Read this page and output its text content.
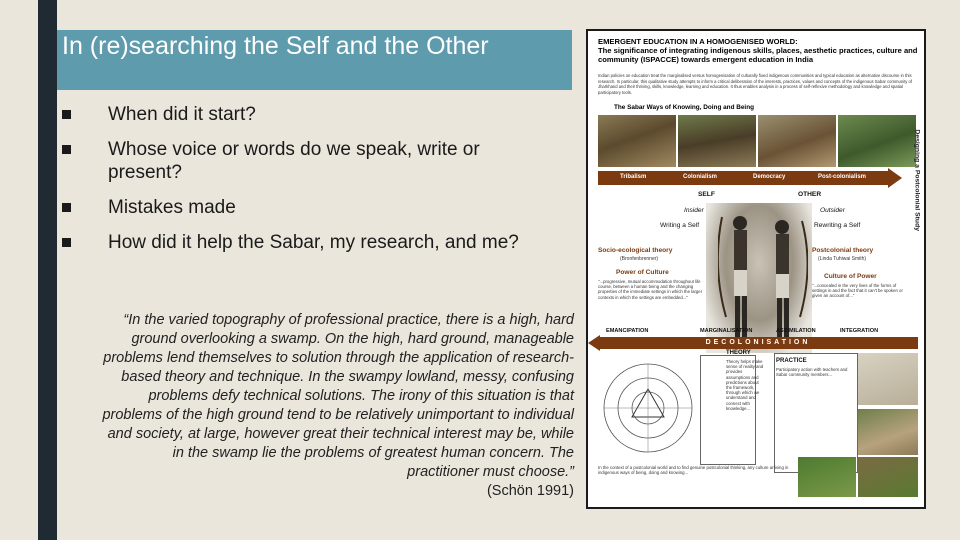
In (re)searching the Self and the Other
When did it start?
Whose voice or words do we speak, write or present?
Mistakes made
How did it help the Sabar, my research, and me?

“In the varied topography of professional practice, there is a high, hard ground overlooking a swamp. On the high, hard ground, manageable problems lend themselves to solution through the application of research-based theory and technique. In the swampy lowland, messy, confusing problems defy technical solutions. The irony of this situation is that problems of the high ground tend to be relatively unimportant to individual and society, at large, however great their technical interest may be, while in the swamp lie the problems of greatest human concern. The practitioner must choose.”
(Schön 1991)

EMERGENT EDUCATION IN A HOMOGENISED WORLD:
The significance of integrating indigenous skills, places, aesthetic practices, culture and
community (ISPACCE) towards emergent education in India
Indian policies on education treat the marginalised versus homogenisation of culturally fixed indigenous communities and typical education as alternative discourse in this research. In particular, this qualitative study attempts to inform a critical deliberation of the interests, practices, values and concepts of the indigenous Sabar community of Jharkhand and their thriving, skills, knowledge, learning and education. It thus enables analysis in a process of self-reflexive methodology and knowledge and spatial participatory tools.
The Sabar Ways of Knowing, Doing and Being
Tribalism	Colonialism	Democracy	Post-colonialism
SELF	OTHER
Insider	Outsider
Writing a Self	Rewriting a Self
Socio-ecological theory
(Bronfenbrenner)
Postcolonial theory
(Linda Tuhiwai Smith)
Power of Culture
"...progressive, mutual accommodation throughout life course, between a human being and the changing properties of the immediate settings in which the larger contexts in which the settings are embedded..."
Culture of Power
"...concealed in the very lives of the forms of settings in and the fact that it can't be spoken or given an account of..."
Designing a Postcolonial Study
EMANCIPATION	MARGINALISATION	ASSIMILATION	INTEGRATION
DECOLONISATION
THEORY
Theory helps make sense of reality and provides assumptions and predictions about the framework, through which we understand and connect with knowledge...
PRACTICE
Participatory action with teachers and Sabar community members...
In the context of a postcolonial world and to find genuine postcolonial thinking, any culture arriving in indigenous ways of being, doing and knowing...
